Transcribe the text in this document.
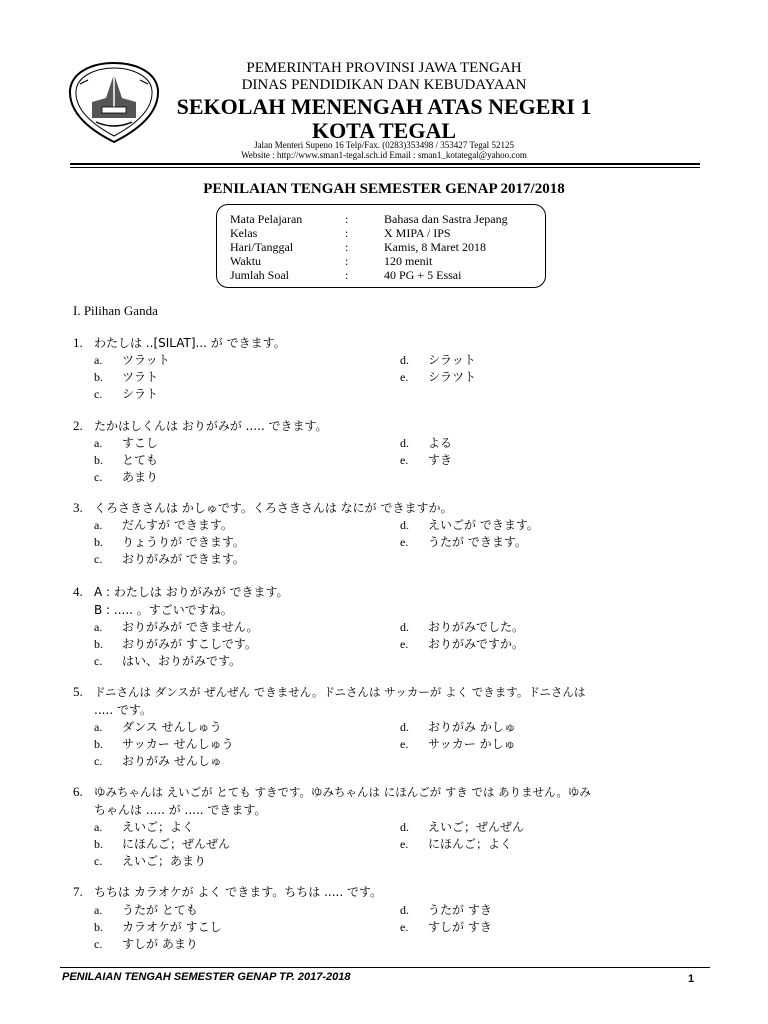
PEMERINTAH PROVINSI JAWA TENGAH
DINAS PENDIDIKAN DAN KEBUDAYAAN
SEKOLAH MENENGAH ATAS NEGERI 1
KOTA TEGAL
Jalan Menteri Supeno 16 Telp/Fax. (0283)353498 / 353427 Tegal 52125
Website : http://www.sman1-tegal.sch.id Email : sman1_kotategal@yahoo.com
PENILAIAN TENGAH SEMESTER GENAP 2017/2018
Mata Pelajaran	:	Bahasa dan Sastra Jepang
Kelas	:	X MIPA / IPS
Hari/Tanggal	:	Kamis, 8 Maret 2018
Waktu	:	120 menit
Jumlah Soal	:	40 PG + 5 Essai
I. Pilihan Ganda
1. わたしは ..[SILAT]... が できます。
a. ツラット
b. ツラト
c. シラト
d. シラット
e. シラツト
2. たかはしくんは おりがみが ..... できます。
a. すこし
b. とても
c. あまり
d. よる
e. すき
3. くろさきさんは かしゅです。くろさきさんは なにが できますか。
a. だんすが できます。
b. りょうりが できます。
c. おりがみが できます。
d. えいごが できます。
e. うたが できます。
4. A : わたしは おりがみが できます。
B : ..... 。すごいですね。
a. おりがみが できません。
b. おりがみが すこしです。
c. はい、おりがみです。
d. おりがみでした。
e. おりがみですか。
5. ドニさんは ダンスが ぜんぜん できません。ドニさんは サッカーが よく できます。ドニさんは
..... です。
a. ダンス せんしゅう
b. サッカー せんしゅう
c. おりがみ せんしゅ
d. おりがみ かしゅ
e. サッカー かしゅ
6. ゆみちゃんは えいごが とても すきです。ゆみちゃんは にほんごが すき では ありません。ゆみ
ちゃんは ..... が ..... できます。
a. えいご；よく
b. にほんご；ぜんぜん
c. えいご；あまり
d. えいご；ぜんぜん
e. にほんご；よく
7. ちちは カラオケが よく できます。ちちは ..... です。
a. うたが とても
b. カラオケが すこし
c. すしが あまり
d. うたが すき
e. すしが すき
PENILAIAN TENGAH SEMESTER GENAP TP. 2017-2018	1
